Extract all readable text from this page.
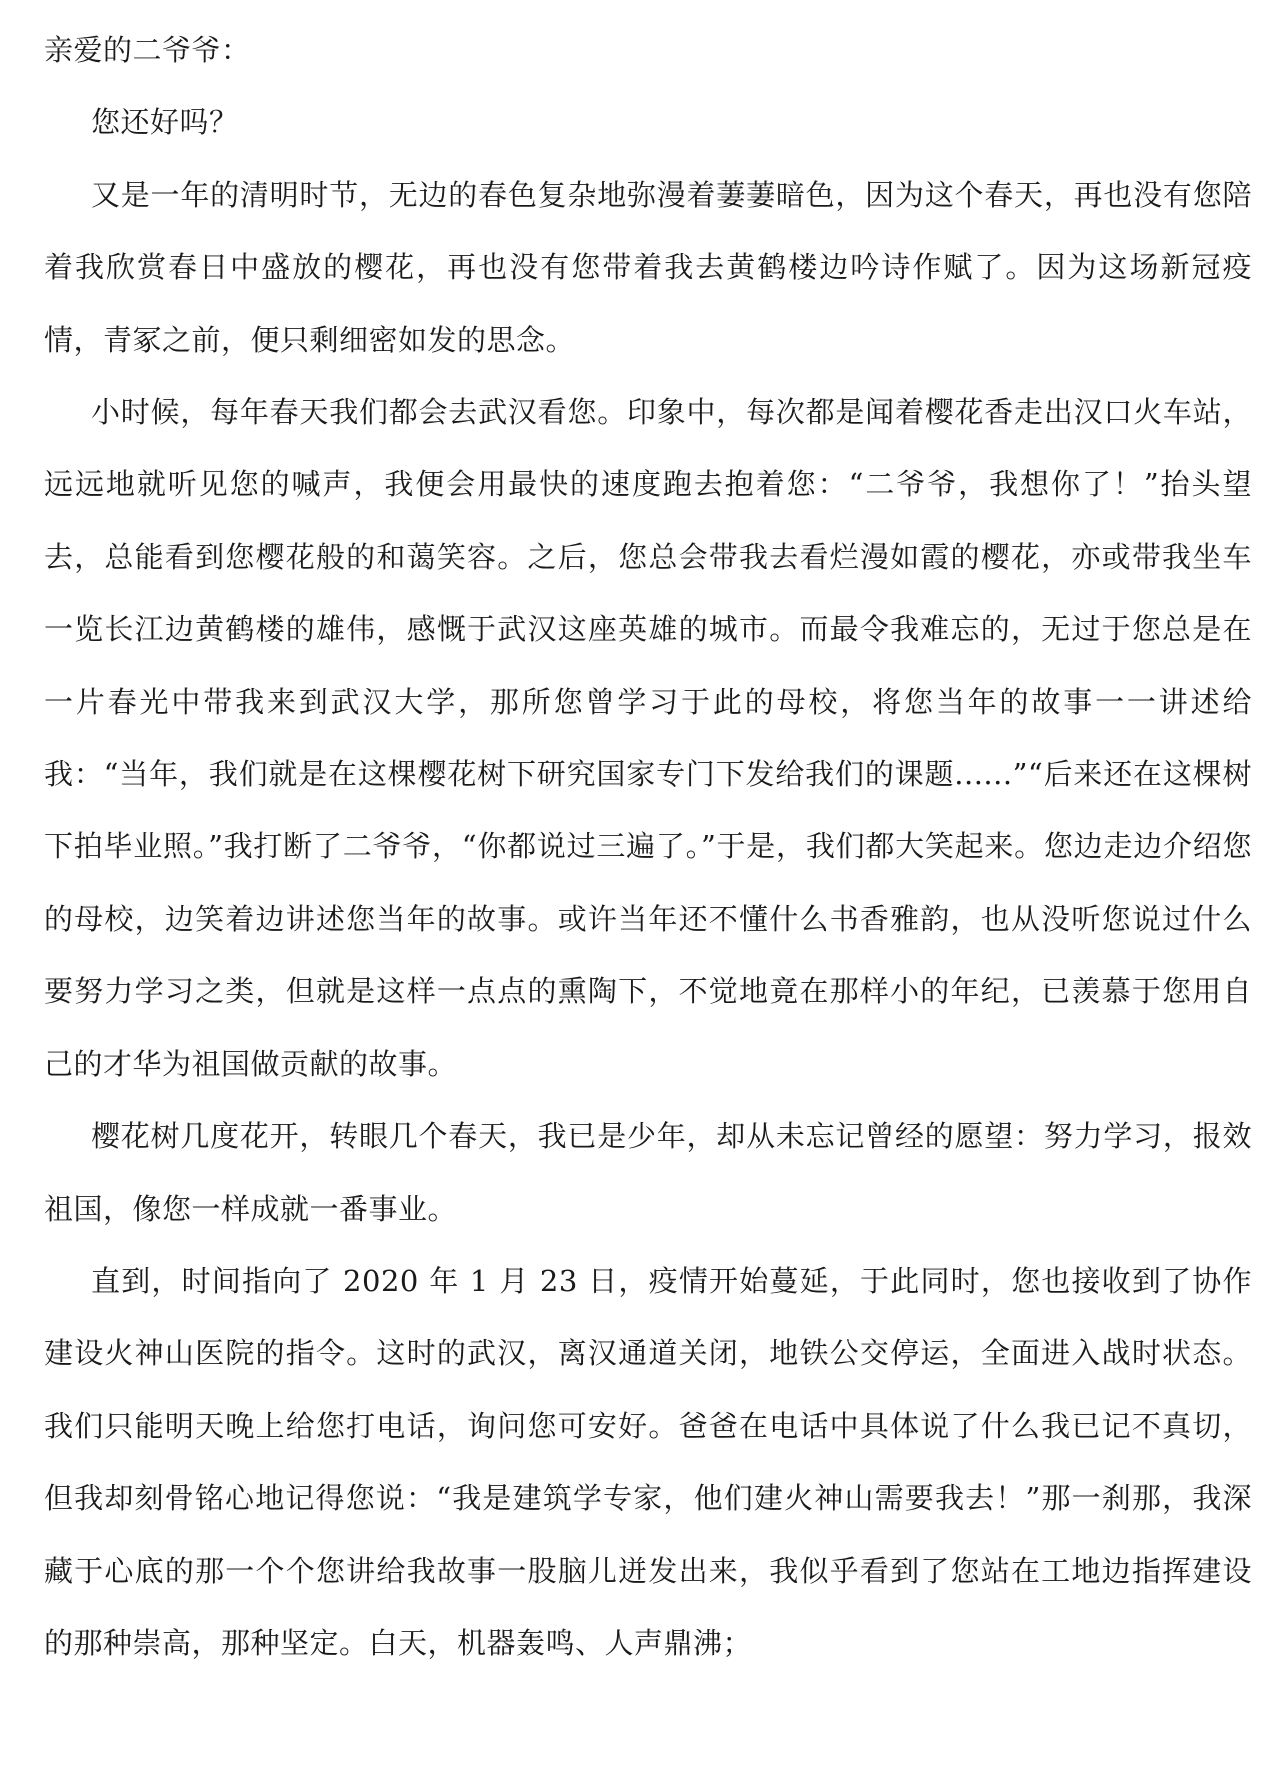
亲爱的二爷爷：

您还好吗？

又是一年的清明时节，无边的春色复杂地弥漫着萋萋暗色，因为这个春天，再也没有您陪着我欣赏春日中盛放的樱花，再也没有您带着我去黄鹤楼边吟诗作赋了。因为这场新冠疫情，青冢之前，便只剩细密如发的思念。

小时候，每年春天我们都会去武汉看您。印象中，每次都是闻着樱花香走出汉口火车站，远远地就听见您的喊声，我便会用最快的速度跑去抱着您：“二爷爷，我想你了！”抬头望去，总能看到您樱花般的和蔼笑容。之后，您总会带我去看烂漫如霞的樱花，亦或带我坐车一览长江边黄鹤楼的雄伟，感慨于武汉这座英雄的城市。而最令我难忘的，无过于您总是在一片春光中带我来到武汉大学，那所您曾学习于此的母校，将您当年的故事一一讲述给我：“当年，我们就是在这棵樱花树下研究国家专门下发给我们的课题......”“后来还在这棵树下拍毕业照。”我打断了二爷爷，“你都说过三遍了。”于是，我们都大笑起来。您边走边介绍您的母校，边笑着边讲述您当年的故事。或许当年还不懂什么书香雅韵，也从没听您说过什么要努力学习之类，但就是这样一点点的熏陶下，不觉地竟在那样小的年纪，已羡慕于您用自己的才华为祖国做贡献的故事。

樱花树几度花开，转眼几个春天，我已是少年，却从未忘记曾经的愿望：努力学习，报效祖国，像您一样成就一番事业。

直到，时间指向了 2020 年 1 月 23 日，疫情开始蔓延，于此同时，您也接收到了协作建设火神山医院的指令。这时的武汉，离汉通道关闭，地铁公交停运，全面进入战时状态。我们只能明天晚上给您打电话，询问您可安好。爸爸在电话中具体说了什么我已记不真切，但我却刻骨铭心地记得您说：“我是建筑学专家，他们建火神山需要我去！”那一刹那，我深藏于心底的那一个个您讲给我故事一股脑儿迸发出来，我似乎看到了您站在工地边指挥建设的那种崇高，那种坚定。白天，机器轰鸣、人声鼎沸；
